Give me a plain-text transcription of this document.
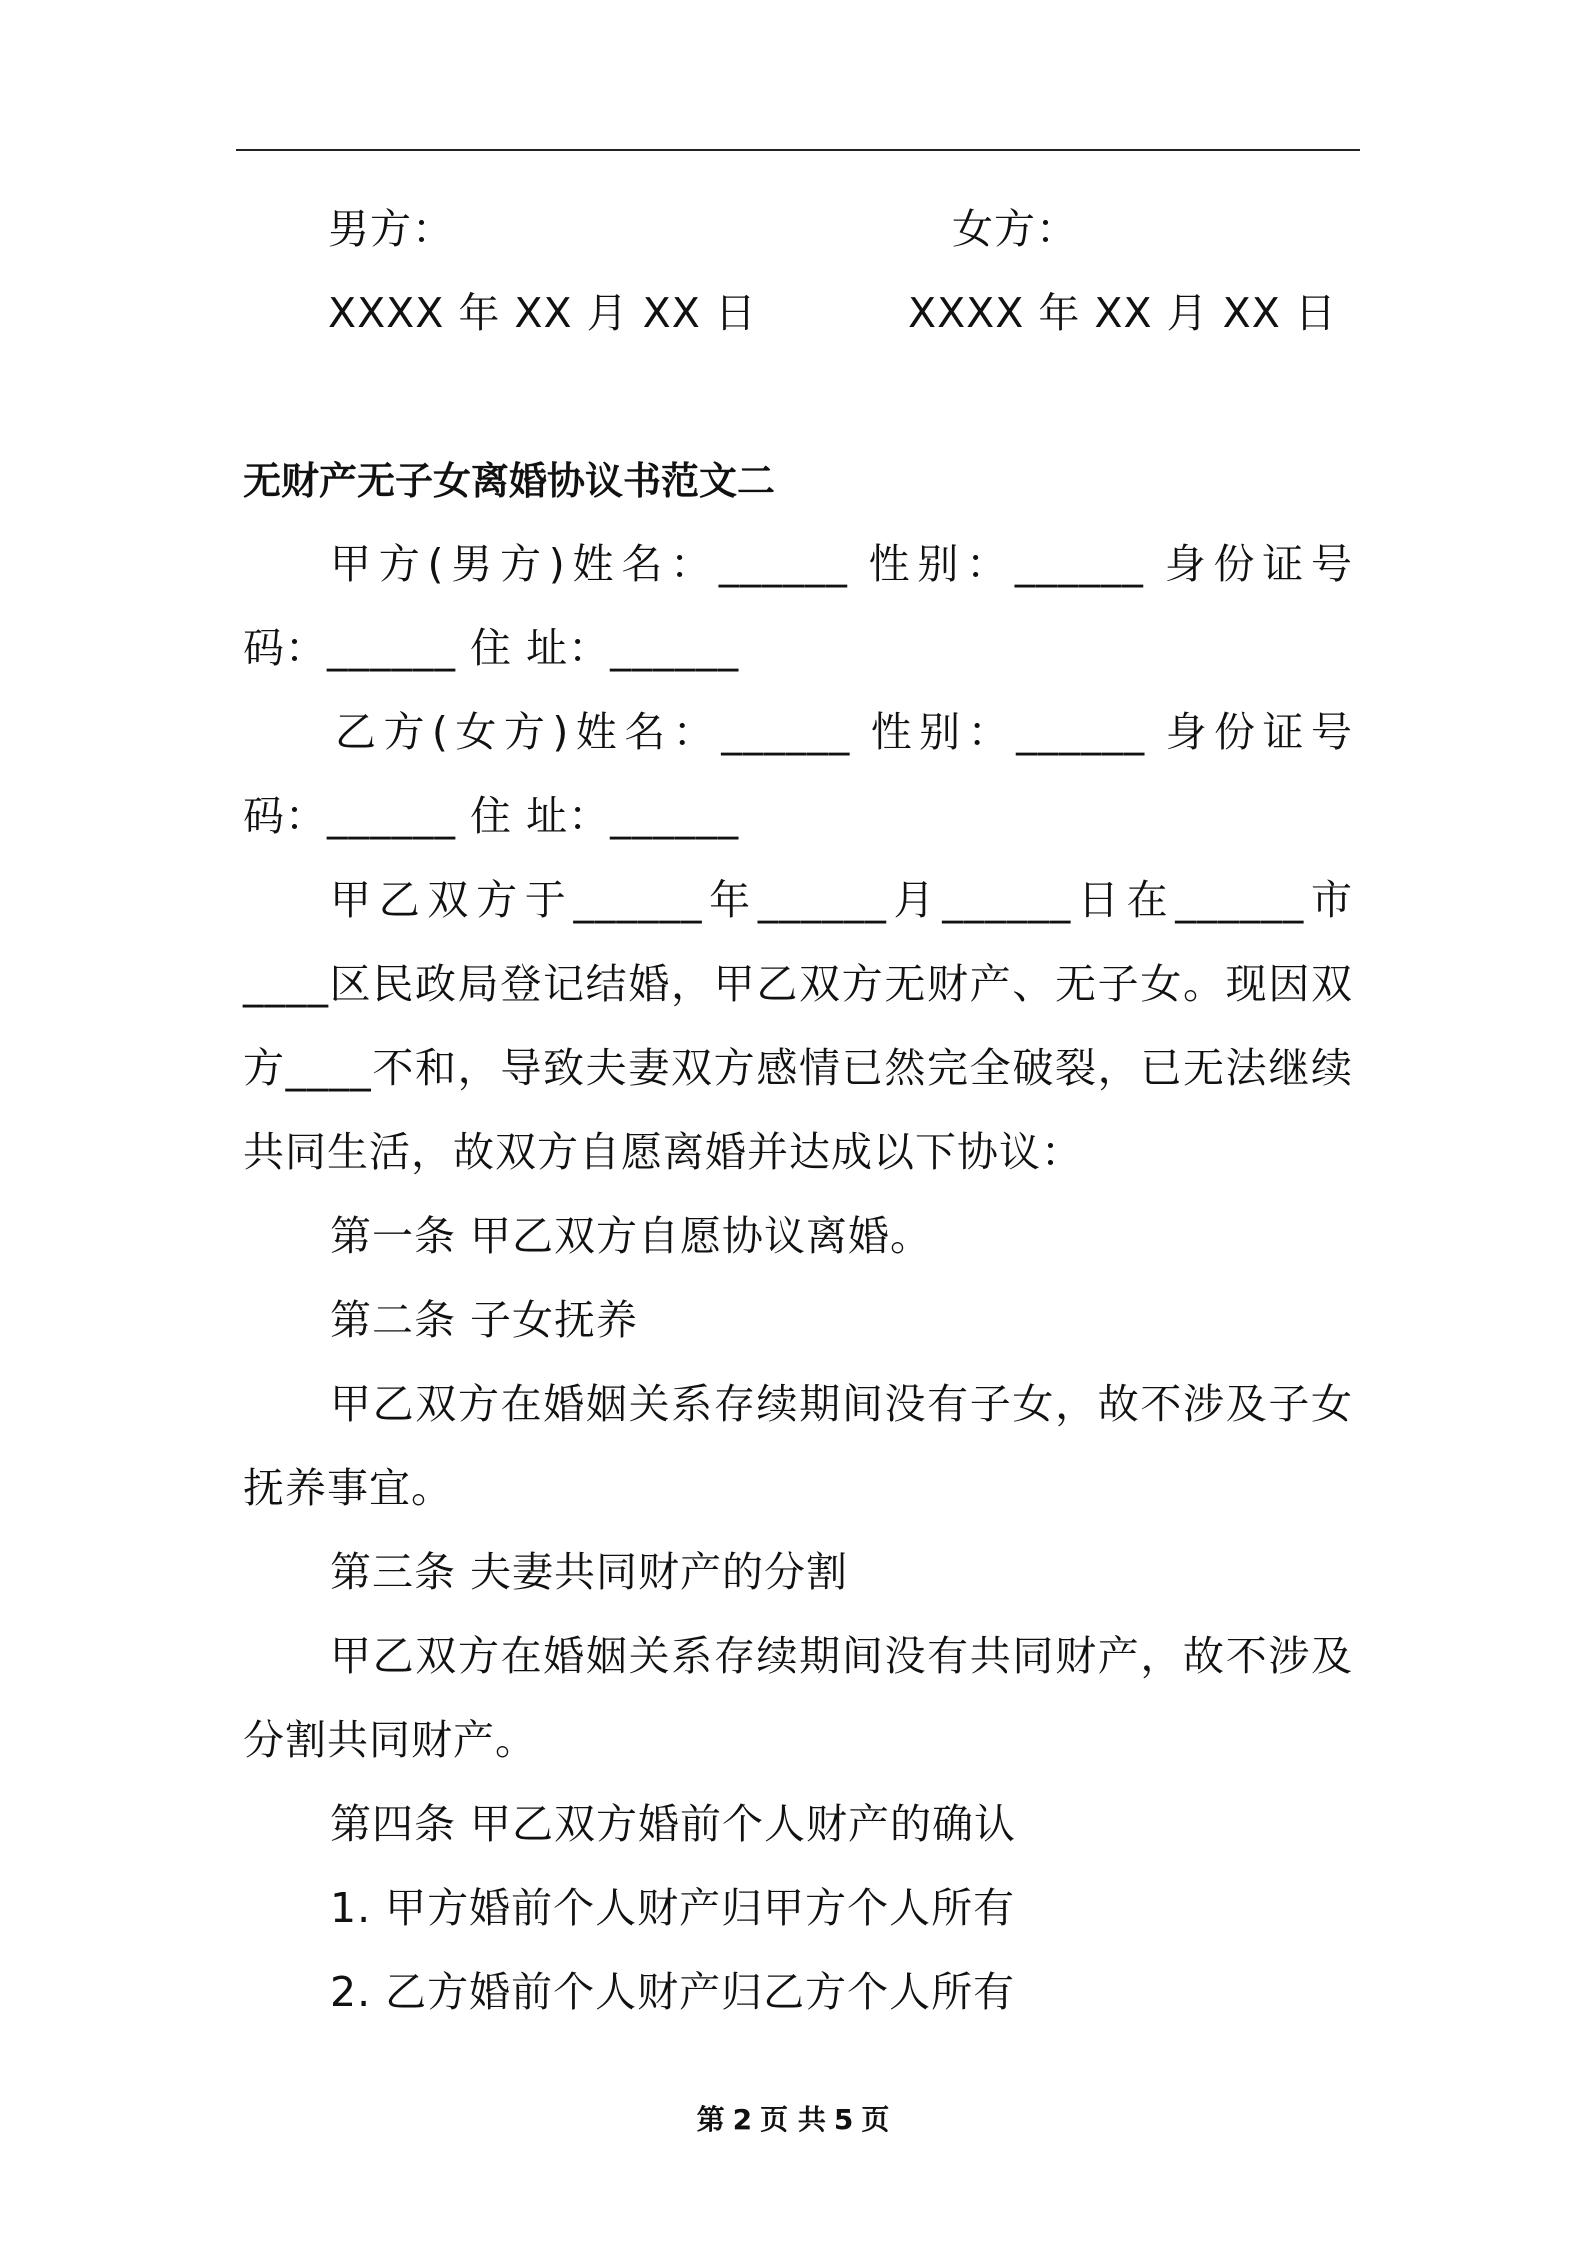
男方：	女方：
XXXX 年 XX 月 XX 日	XXXX 年 XX 月 XX 日
无财产无子女离婚协议书范文二
甲方(男方)姓名：______ 性别：______ 身份证号
码：______ 住 址：______
乙方(女方)姓名：______ 性别：______ 身份证号
码：______ 住 址：______
甲乙双方于______年______月______日在______市
____区民政局登记结婚，甲乙双方无财产、无子女。现因双
方____不和，导致夫妻双方感情已然完全破裂，已无法继续
共同生活，故双方自愿离婚并达成以下协议：
第一条 甲乙双方自愿协议离婚。
第二条 子女抚养
甲乙双方在婚姻关系存续期间没有子女，故不涉及子女
抚养事宜。
第三条 夫妻共同财产的分割
甲乙双方在婚姻关系存续期间没有共同财产，故不涉及
分割共同财产。
第四条 甲乙双方婚前个人财产的确认
1. 甲方婚前个人财产归甲方个人所有
2. 乙方婚前个人财产归乙方个人所有
第 2 页 共 5 页
